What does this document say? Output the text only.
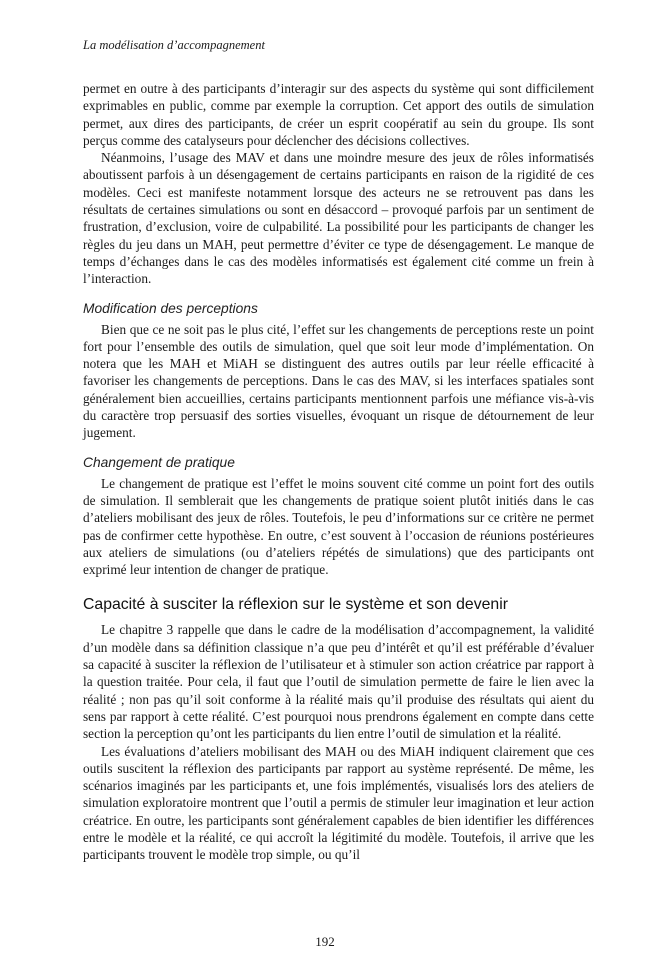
La modélisation d’accompagnement

permet en outre à des participants d’interagir sur des aspects du système qui sont difficilement exprimables en public, comme par exemple la corruption. Cet apport des outils de simulation permet, aux dires des participants, de créer un esprit coopératif au sein du groupe. Ils sont perçus comme des catalyseurs pour déclencher des décisions collectives.

Néanmoins, l’usage des MAV et dans une moindre mesure des jeux de rôles informatisés aboutissent parfois à un désengagement de certains participants en raison de la rigidité de ces modèles. Ceci est manifeste notamment lorsque des acteurs ne se retrouvent pas dans les résultats de certaines simulations ou sont en désaccord – provoqué parfois par un sentiment de frustration, d’exclusion, voire de culpabilité. La possibilité pour les participants de changer les règles du jeu dans un MAH, peut permettre d’éviter ce type de désengagement. Le manque de temps d’échanges dans le cas des modèles informatisés est également cité comme un frein à l’interaction.

Modification des perceptions

Bien que ce ne soit pas le plus cité, l’effet sur les changements de perceptions reste un point fort pour l’ensemble des outils de simulation, quel que soit leur mode d’implémentation. On notera que les MAH et MiAH se distinguent des autres outils par leur réelle efficacité à favoriser les changements de perceptions. Dans le cas des MAV, si les interfaces spatiales sont généralement bien accueillies, certains participants mentionnent parfois une méfiance vis-à-vis du caractère trop persuasif des sorties visuelles, évoquant un risque de détournement de leur jugement.

Changement de pratique

Le changement de pratique est l’effet le moins souvent cité comme un point fort des outils de simulation. Il semblerait que les changements de pratique soient plutôt initiés dans le cas d’ateliers mobilisant des jeux de rôles. Toutefois, le peu d’informations sur ce critère ne permet pas de confirmer cette hypothèse. En outre, c’est souvent à l’occasion de réunions postérieures aux ateliers de simulations (ou d’ateliers répétés de simulations) que des participants ont exprimé leur intention de changer de pratique.

Capacité à susciter la réflexion sur le système et son devenir

Le chapitre 3 rappelle que dans le cadre de la modélisation d’accompagnement, la validité d’un modèle dans sa définition classique n’a que peu d’intérêt et qu’il est préférable d’évaluer sa capacité à susciter la réflexion de l’utilisateur et à stimuler son action créatrice par rapport à la question traitée. Pour cela, il faut que l’outil de simulation permette de faire le lien avec la réalité ; non pas qu’il soit conforme à la réalité mais qu’il produise des résultats qui aient du sens par rapport à cette réalité. C’est pourquoi nous prendrons également en compte dans cette section la perception qu’ont les participants du lien entre l’outil de simulation et la réalité.

Les évaluations d’ateliers mobilisant des MAH ou des MiAH indiquent clairement que ces outils suscitent la réflexion des participants par rapport au système représenté. De même, les scénarios imaginés par les participants et, une fois implémentés, visualisés lors des ateliers de simulation exploratoire montrent que l’outil a permis de stimuler leur imagination et leur action créatrice. En outre, les participants sont généralement capables de bien identifier les différences entre le modèle et la réalité, ce qui accroît la légitimité du modèle. Toutefois, il arrive que les participants trouvent le modèle trop simple, ou qu’il

192
